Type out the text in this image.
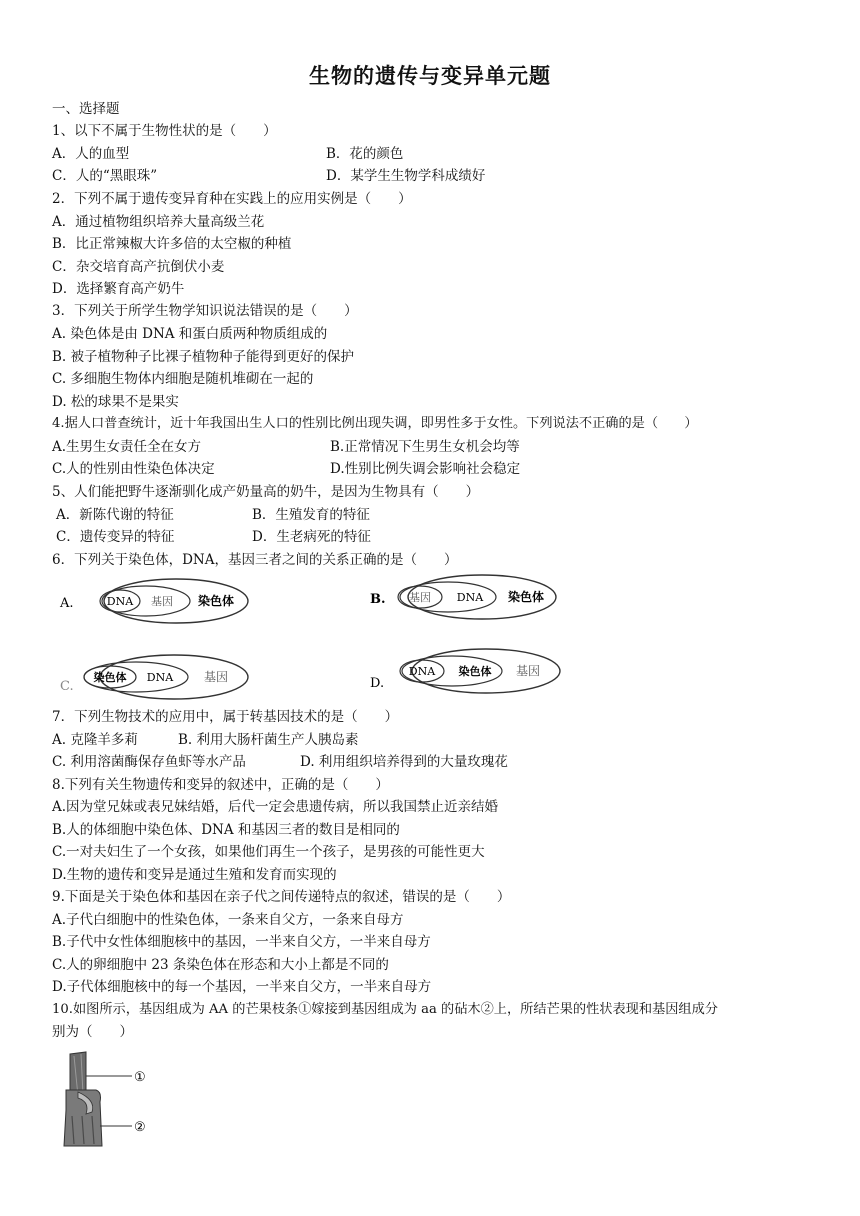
生物的遗传与变异单元题
一、选择题
1、以下不属于生物性状的是（　　）
A．人的血型	B．花的颜色
C．人的“黑眼珠”	D．某学生生物学科成绩好
2．下列不属于遗传变异育种在实践上的应用实例是（　　）
A．通过植物组织培养大量高级兰花
B．比正常辣椒大许多倍的太空椒的种植
C．杂交培育高产抗倒伏小麦
D．选择繁育高产奶牛
3．下列关于所学生物学知识说法错误的是（　　）
A. 染色体是由 DNA 和蛋白质两种物质组成的
B. 被子植物种子比裸子植物种子能得到更好的保护
C. 多细胞生物体内细胞是随机堆砌在一起的
D. 松的球果不是果实
4.据人口普查统计，近十年我国出生人口的性别比例出现失调，即男性多于女性。下列说法不正确的是（　　）
A.生男生女责任全在女方	B.正常情况下生男生女机会均等
C.人的性别由性染色体决定	D.性别比例失调会影响社会稳定
5、人们能把野牛逐渐驯化成产奶量高的奶牛，是因为生物具有（　　）
A．新陈代谢的特征	B．生殖发育的特征
C．遗传变异的特征	D．生老病死的特征
6．下列关于染色体，DNA，基因三者之间的关系正确的是（　　）
A.	DNA 基因 染色体	B. 基因 DNA 染色体
C.
染色体 DNA	基因	D.
DNA 染色体 基因
7．下列生物技术的应用中，属于转基因技术的是（　　）
A. 克隆羊多莉	B. 利用大肠杆菌生产人胰岛素
C. 利用溶菌酶保存鱼虾等水产品	D. 利用组织培养得到的大量玫瑰花
8.下列有关生物遗传和变异的叙述中，正确的是（　　）
A.因为堂兄妹或表兄妹结婚，后代一定会患遗传病，所以我国禁止近亲结婚
B.人的体细胞中染色体、DNA 和基因三者的数目是相同的
C.一对夫妇生了一个女孩，如果他们再生一个孩子，是男孩的可能性更大
D.生物的遗传和变异是通过生殖和发育而实现的
9.下面是关于染色体和基因在亲子代之间传递特点的叙述，错误的是（　　）
A.子代白细胞中的性染色体，一条来自父方，一条来自母方
B.子代中女性体细胞核中的基因，一半来自父方，一半来自母方
C.人的卵细胞中 23 条染色体在形态和大小上都是不同的
D.子代体细胞核中的每一个基因，一半来自父方，一半来自母方
10.如图所示，基因组成为 AA 的芒果枝条①嫁接到基因组成为 aa 的砧木②上，所结芒果的性状表现和基因组成分
别为（　　）
①
②
